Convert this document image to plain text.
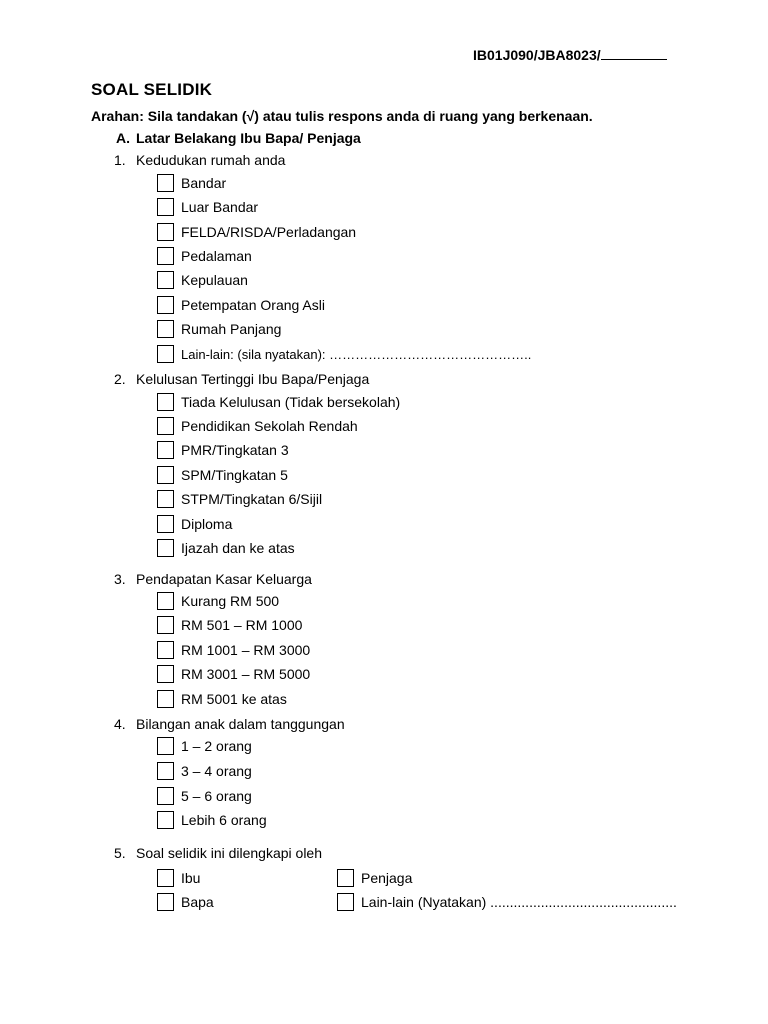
IB01J090/JBA8023/
SOAL SELIDIK
Arahan: Sila tandakan (√) atau tulis respons anda di ruang yang berkenaan.
A. Latar Belakang Ibu Bapa/ Penjaga
1. Kedudukan rumah anda
Bandar
Luar Bandar
FELDA/RISDA/Perladangan
Pedalaman
Kepulauan
Petempatan Orang Asli
Rumah Panjang
Lain-lain: (sila nyatakan): ………………………………………..
2. Kelulusan Tertinggi Ibu Bapa/Penjaga
Tiada Kelulusan (Tidak bersekolah)
Pendidikan Sekolah Rendah
PMR/Tingkatan 3
SPM/Tingkatan 5
STPM/Tingkatan 6/Sijil
Diploma
Ijazah dan ke atas
3. Pendapatan Kasar Keluarga
Kurang RM 500
RM 501 – RM 1000
RM 1001 – RM 3000
RM 3001 – RM 5000
RM 5001 ke atas
4. Bilangan anak dalam tanggungan
1 – 2 orang
3 – 4 orang
5 – 6 orang
Lebih 6 orang
5. Soal selidik ini dilengkapi oleh
Ibu
Bapa
Penjaga
Lain-lain (Nyatakan) ................................................
